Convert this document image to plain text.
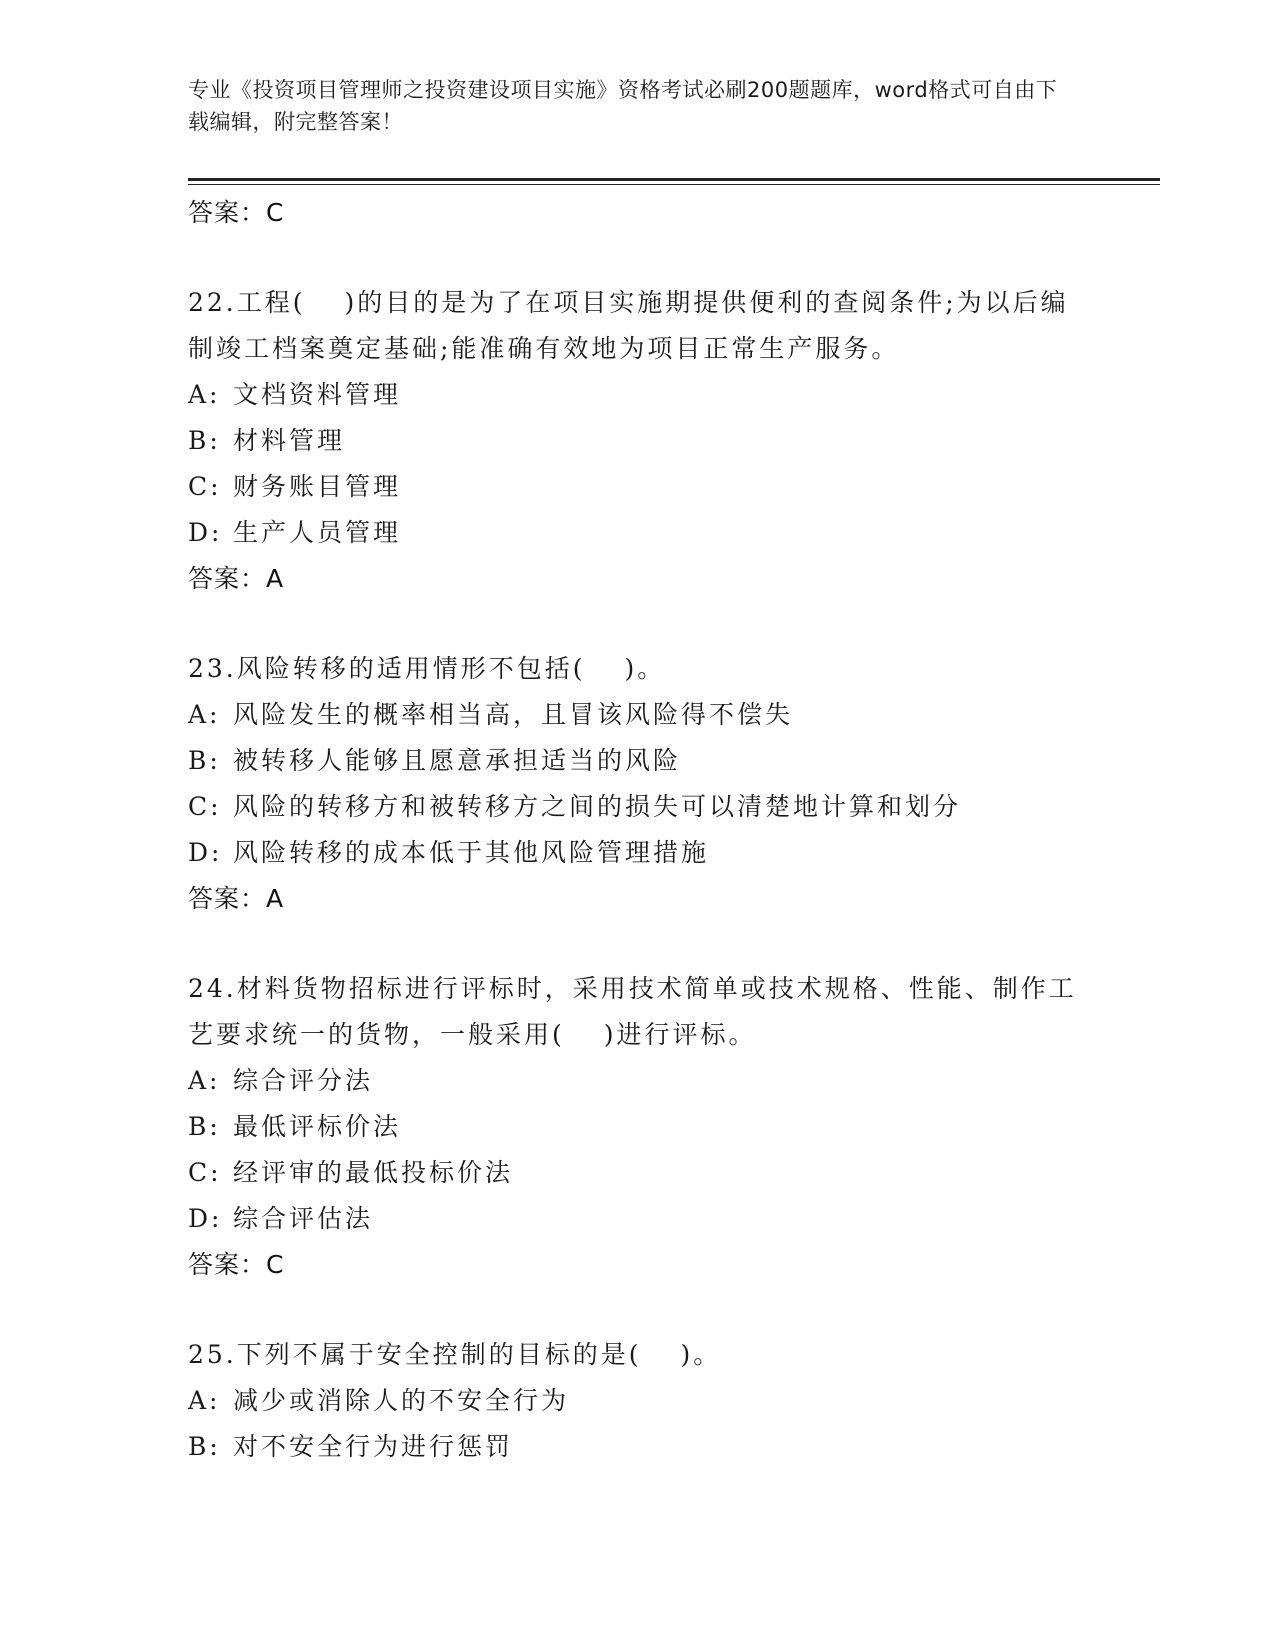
专业《投资项目管理师之投资建设项目实施》资格考试必刷200题题库，word格式可自由下载编辑，附完整答案！
答案：C
22.工程(　 )的目的是为了在项目实施期提供便利的查阅条件;为以后编制竣工档案奠定基础;能准确有效地为项目正常生产服务。
A: 文档资料管理
B: 材料管理
C: 财务账目管理
D: 生产人员管理
答案：A
23.风险转移的适用情形不包括(　 )。
A: 风险发生的概率相当高，且冒该风险得不偿失
B: 被转移人能够且愿意承担适当的风险
C: 风险的转移方和被转移方之间的损失可以清楚地计算和划分
D: 风险转移的成本低于其他风险管理措施
答案：A
24.材料货物招标进行评标时，采用技术简单或技术规格、性能、制作工艺要求统一的货物，一般采用(　 )进行评标。
A: 综合评分法
B: 最低评标价法
C: 经评审的最低投标价法
D: 综合评估法
答案：C
25.下列不属于安全控制的目标的是(　 )。
A: 减少或消除人的不安全行为
B: 对不安全行为进行惩罚
